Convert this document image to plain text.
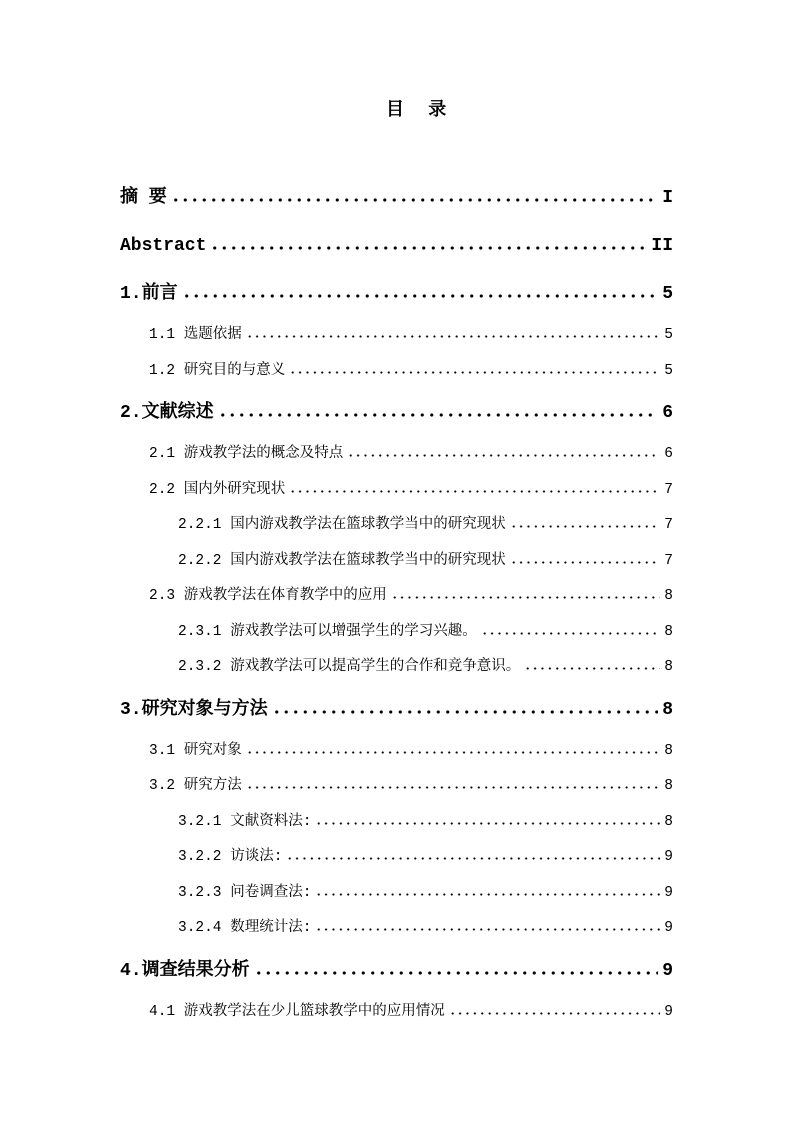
目 录
摘 要	I
Abstract	II
1.前言	5
1.1 选题依据	5
1.2 研究目的与意义	5
2.文献综述	6
2.1 游戏教学法的概念及特点	6
2.2 国内外研究现状	7
2.2.1 国内游戏教学法在篮球教学当中的研究现状	7
2.2.2 国内游戏教学法在篮球教学当中的研究现状	7
2.3 游戏教学法在体育教学中的应用	8
2.3.1 游戏教学法可以增强学生的学习兴趣。	8
2.3.2 游戏教学法可以提高学生的合作和竞争意识。	8
3.研究对象与方法	8
3.1 研究对象	8
3.2 研究方法	8
3.2.1 文献资料法:	8
3.2.2 访谈法:	9
3.2.3 问卷调查法:	9
3.2.4 数理统计法:	9
4.调查结果分析	9
4.1 游戏教学法在少儿篮球教学中的应用情况	9
